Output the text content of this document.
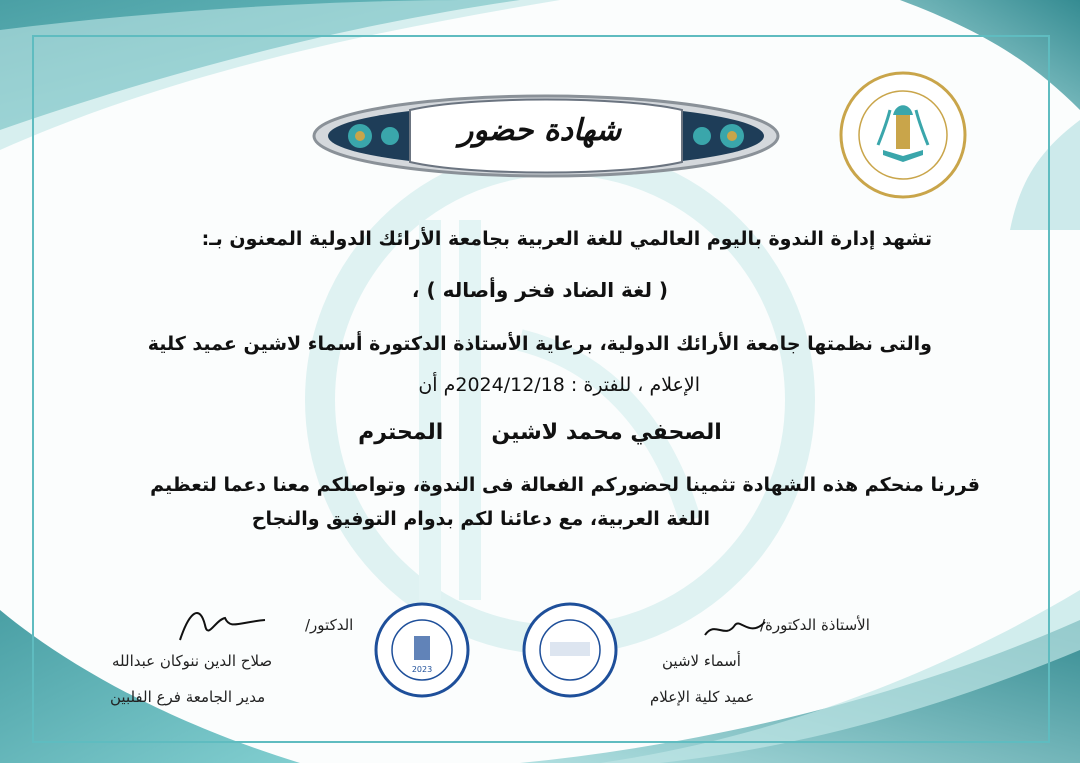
شهادة حضور
تشهد إدارة الندوة باليوم العالمي للغة العربية بجامعة الأرائك الدولية المعنون بـ:
( لغة الضاد فخر وأصاله ) ،
والتى نظمتها جامعة الأرائك الدولية، برعاية الأستاذة الدكتورة أسماء لاشين عميد كلية
الإعلام ، للفترة : 2024/12/18م أن
الصحفي محمد لاشينالمحترم
قررنا منحكم هذه الشهادة تثمينا لحضوركم الفعالة فى الندوة، وتواصلكم معنا دعما لتعظيم
اللغة العربية، مع دعائنا لكم بدوام التوفيق والنجاح
الدكتور/
صلاح الدين ننوكان عبدالله
مدير الجامعة فرع الفلبين
2023
الأستاذة الدكتورة/
أسماء لاشين
عميد كلية الإعلام
